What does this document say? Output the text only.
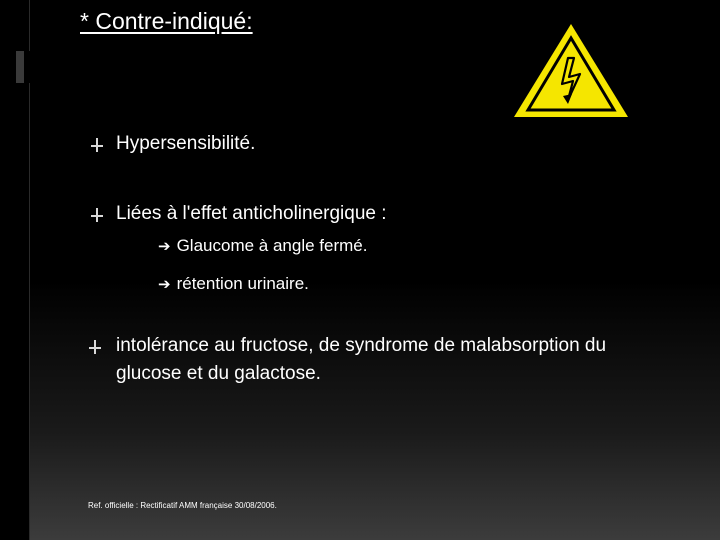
* Contre-indiqué:
Hypersensibilité.
Liées à l'effet anticholinergique :
➔ Glaucome à angle fermé.
➔ rétention urinaire.
intolérance au fructose, de syndrome de malabsorption du glucose et du galactose.
Ref. officielle : Rectificatif AMM française 30/08/2006.
